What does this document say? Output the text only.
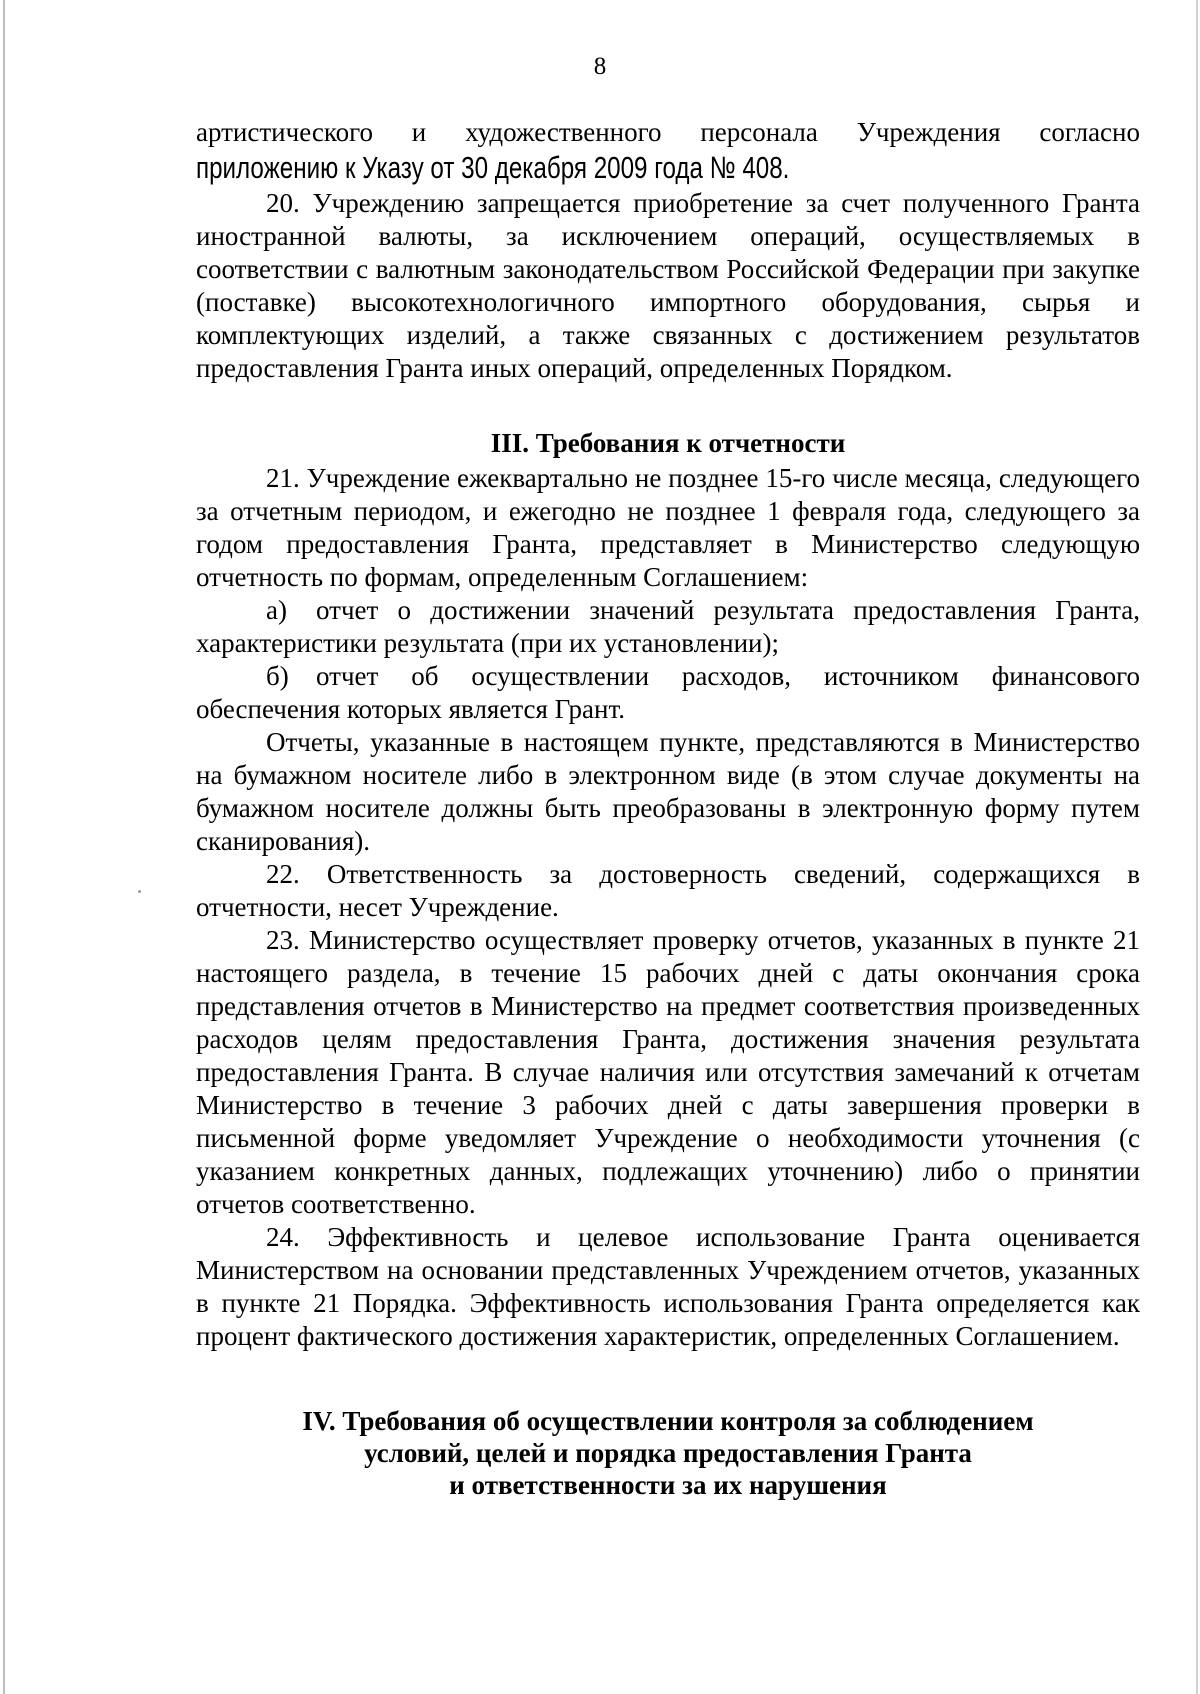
8

артистического и художественного персонала Учреждения согласно

приложению к Указу от 30 декабря 2009 года № 408.

20. Учреждению запрещается приобретение за счет полученного Гранта иностранной валюты, за исключением операций, осуществляемых в соответствии с валютным законодательством Российской Федерации при закупке (поставке) высокотехнологичного импортного оборудования, сырья и комплектующих изделий, а также связанных с достижением результатов предоставления Гранта иных операций, определенных Порядком.

III. Требования к отчетности

21. Учреждение ежеквартально не позднее 15-го числе месяца, следующего за отчетным периодом, и ежегодно не позднее 1 февраля года, следующего за годом предоставления Гранта, представляет в Министерство следующую отчетность по формам, определенным Соглашением:

а) отчет о достижении значений результата предоставления Гранта, характеристики результата (при их установлении);

б) отчет об осуществлении расходов, источником финансового обеспечения которых является Грант.

Отчеты, указанные в настоящем пункте, представляются в Министерство на бумажном носителе либо в электронном виде (в этом случае документы на бумажном носителе должны быть преобразованы в электронную форму путем сканирования).

22. Ответственность за достоверность сведений, содержащихся в отчетности, несет Учреждение.

23. Министерство осуществляет проверку отчетов, указанных в пункте 21 настоящего раздела, в течение 15 рабочих дней с даты окончания срока представления отчетов в Министерство на предмет соответствия произведенных расходов целям предоставления Гранта, достижения значения результата предоставления Гранта. В случае наличия или отсутствия замечаний к отчетам Министерство в течение 3 рабочих дней с даты завершения проверки в письменной форме уведомляет Учреждение о необходимости уточнения (с указанием конкретных данных, подлежащих уточнению) либо о принятии отчетов соответственно.

24. Эффективность и целевое использование Гранта оценивается Министерством на основании представленных Учреждением отчетов, указанных в пункте 21 Порядка. Эффективность использования Гранта определяется как процент фактического достижения характеристик, определенных Соглашением.

IV. Требования об осуществлении контроля за соблюдением
условий, целей и порядка предоставления Гранта
и ответственности за их нарушения
